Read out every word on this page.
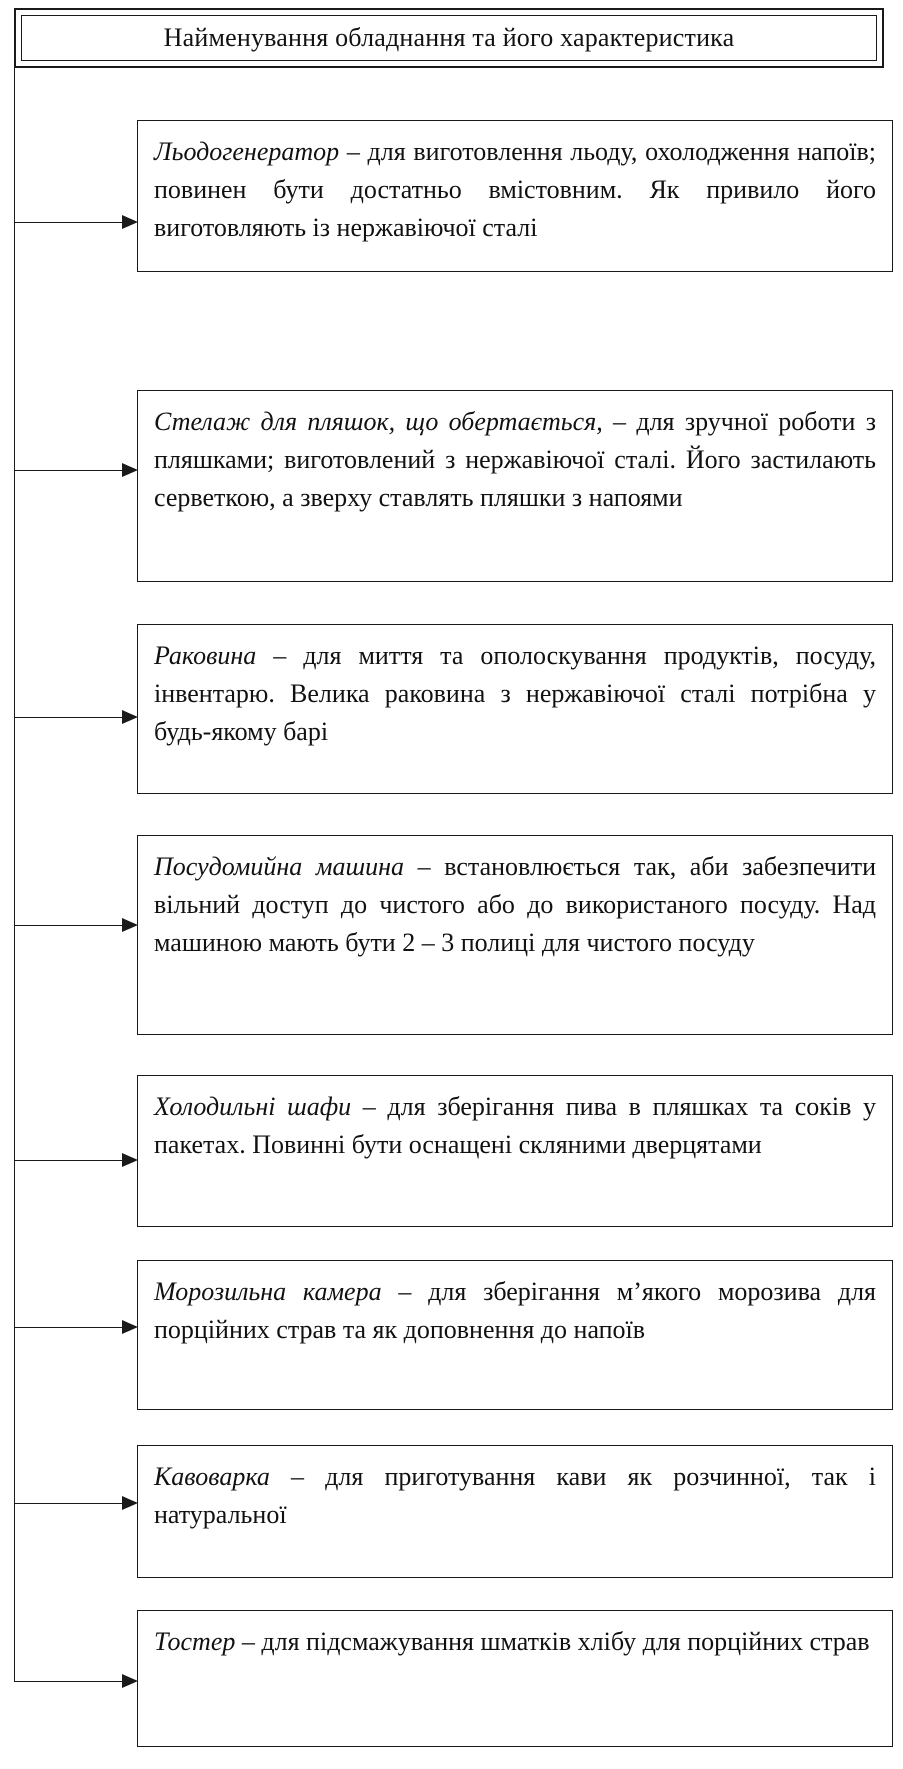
Найменування обладнання та його характеристика
Льодогенератор – для виготовлення льоду, охолодження напоїв; повинен бути достатньо вмістовним. Як привило його виготовляють із нержавіючої сталі
Стелаж для пляшок, що обертається, – для зручної роботи з пляшками; виготовлений з нержавіючої сталі. Його застилають серветкою, а зверху ставлять пляшки з напоями
Раковина – для миття та ополоскування продуктів, посуду, інвентарю. Велика раковина з нержавіючої сталі потрібна у будь-якому барі
Посудомийна машина – встановлюється так, аби забезпечити вільний доступ до чистого або до використаного посуду. Над машиною мають бути 2 – 3 полиці для чистого посуду
Холодильні шафи – для зберігання пива в пляшках та соків у пакетах. Повинні бути оснащені скляними дверцятами
Морозильна камера – для зберігання м’якого морозива для порційних страв та як доповнення до напоїв
Кавоварка – для приготування кави як розчинної, так і натуральної
Тостер – для підсмажування шматків хлібу для порційних страв
